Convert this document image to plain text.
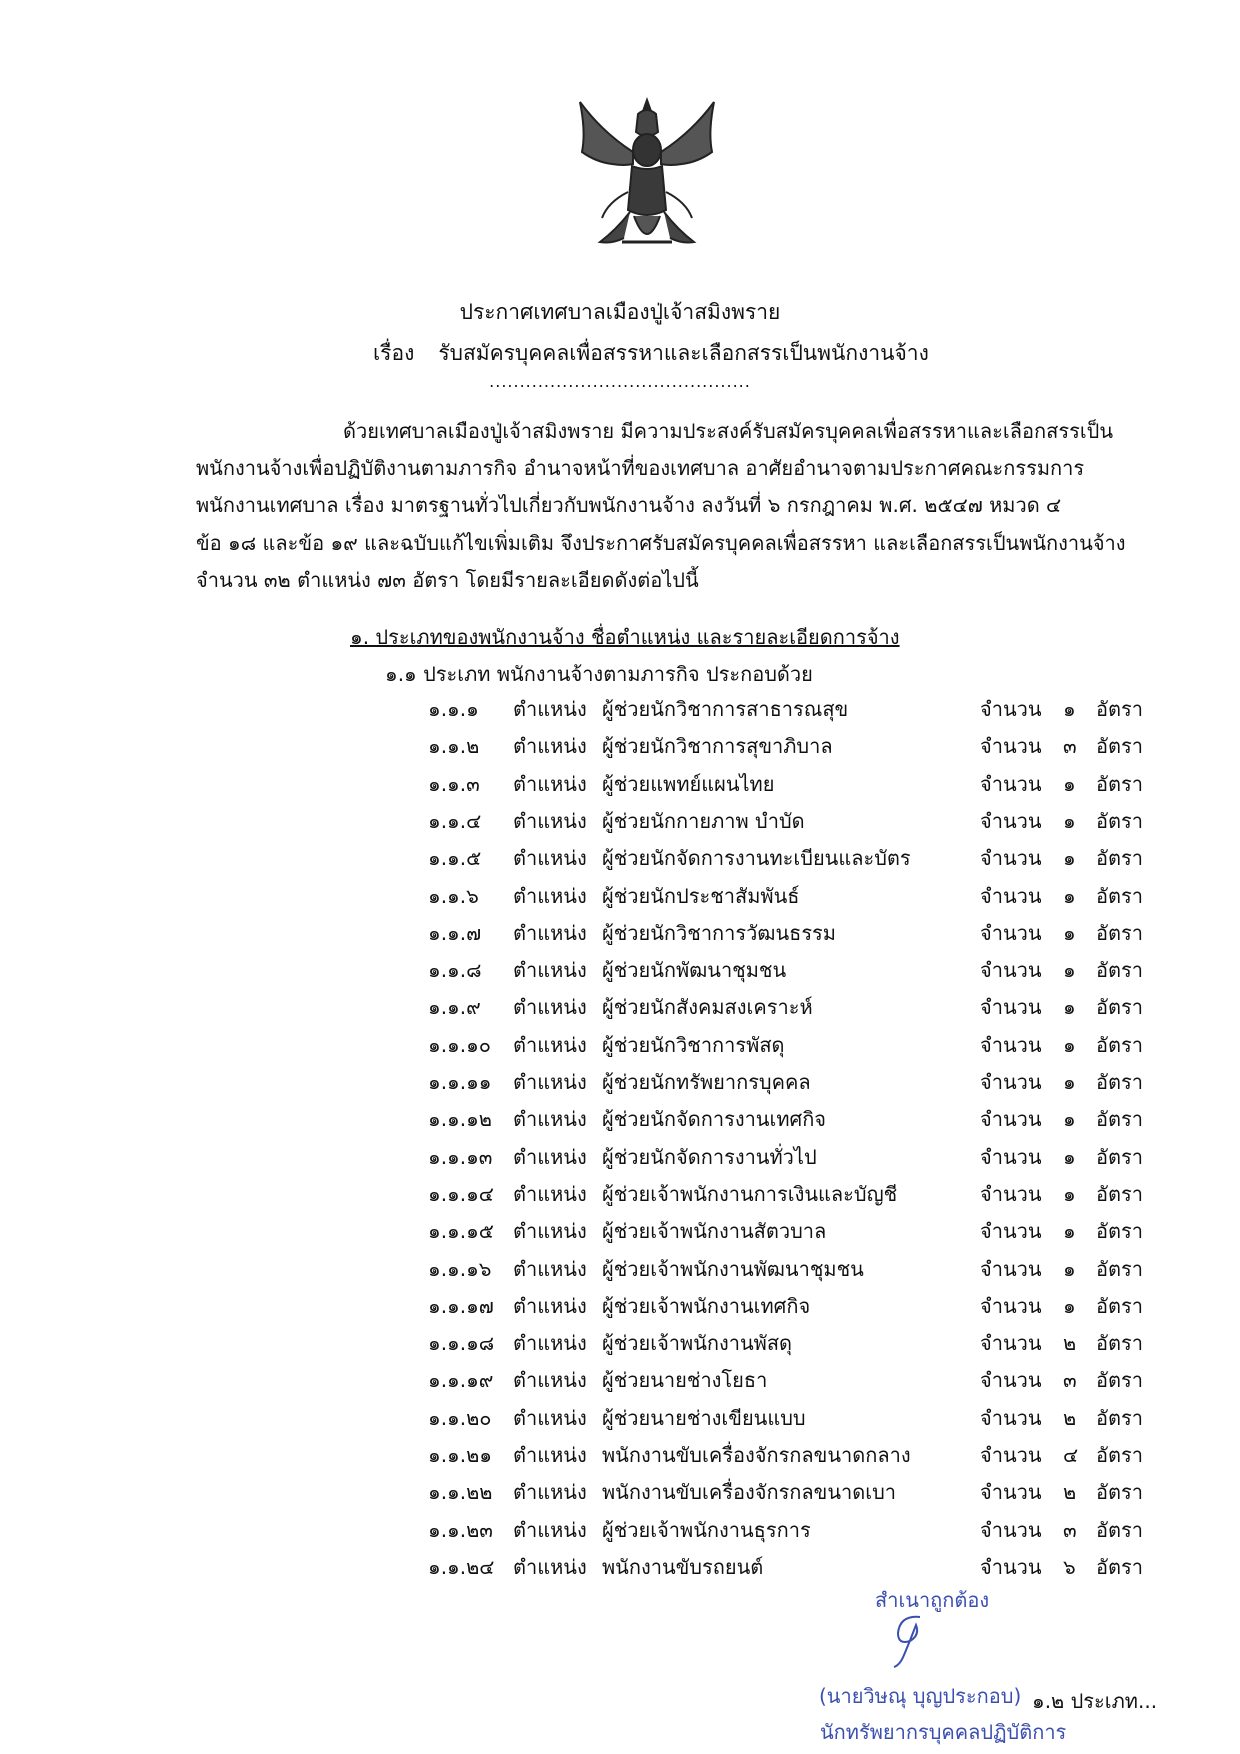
ประกาศเทศบาลเมืองปู่เจ้าสมิงพราย
เรื่อง รับสมัครบุคคลเพื่อสรรหาและเลือกสรรเป็นพนักงานจ้าง
...........................................
ด้วยเทศบาลเมืองปู่เจ้าสมิงพราย มีความประสงค์รับสมัครบุคคลเพื่อสรรหาและเลือกสรรเป็น
พนักงานจ้างเพื่อปฏิบัติงานตามภารกิจ อำนาจหน้าที่ของเทศบาล อาศัยอำนาจตามประกาศคณะกรรมการ
พนักงานเทศบาล เรื่อง มาตรฐานทั่วไปเกี่ยวกับพนักงานจ้าง ลงวันที่ ๖ กรกฎาคม พ.ศ. ๒๕๔๗ หมวด ๔
ข้อ ๑๘ และข้อ ๑๙ และฉบับแก้ไขเพิ่มเติม จึงประกาศรับสมัครบุคคลเพื่อสรรหา และเลือกสรรเป็นพนักงานจ้าง
จำนวน ๓๒ ตำแหน่ง ๗๓ อัตรา โดยมีรายละเอียดดังต่อไปนี้
๑. ประเภทของพนักงานจ้าง ชื่อตำแหน่ง และรายละเอียดการจ้าง
๑.๑ ประเภท พนักงานจ้างตามภารกิจ ประกอบด้วย
๑.๑.๑ ตำแหน่ง ผู้ช่วยนักวิชาการสาธารณสุข	จำนวน ๑ อัตรา
๑.๑.๒ ตำแหน่ง ผู้ช่วยนักวิชาการสุขาภิบาล	จำนวน ๓ อัตรา
๑.๑.๓ ตำแหน่ง ผู้ช่วยแพทย์แผนไทย	จำนวน ๑ อัตรา
๑.๑.๔ ตำแหน่ง ผู้ช่วยนักกายภาพ บำบัด	จำนวน ๑ อัตรา
๑.๑.๕ ตำแหน่ง ผู้ช่วยนักจัดการงานทะเบียนและบัตร	จำนวน ๑ อัตรา
๑.๑.๖ ตำแหน่ง ผู้ช่วยนักประชาสัมพันธ์	จำนวน ๑ อัตรา
๑.๑.๗ ตำแหน่ง ผู้ช่วยนักวิชาการวัฒนธรรม	จำนวน ๑ อัตรา
๑.๑.๘ ตำแหน่ง ผู้ช่วยนักพัฒนาชุมชน	จำนวน ๑ อัตรา
๑.๑.๙ ตำแหน่ง ผู้ช่วยนักสังคมสงเคราะห์	จำนวน ๑ อัตรา
๑.๑.๑๐ ตำแหน่ง ผู้ช่วยนักวิชาการพัสดุ	จำนวน ๑ อัตรา
๑.๑.๑๑ ตำแหน่ง ผู้ช่วยนักทรัพยากรบุคคล	จำนวน ๑ อัตรา
๑.๑.๑๒ ตำแหน่ง ผู้ช่วยนักจัดการงานเทศกิจ	จำนวน ๑ อัตรา
๑.๑.๑๓ ตำแหน่ง ผู้ช่วยนักจัดการงานทั่วไป	จำนวน ๑ อัตรา
๑.๑.๑๔ ตำแหน่ง ผู้ช่วยเจ้าพนักงานการเงินและบัญชี	จำนวน ๑ อัตรา
๑.๑.๑๕ ตำแหน่ง ผู้ช่วยเจ้าพนักงานสัตวบาล	จำนวน ๑ อัตรา
๑.๑.๑๖ ตำแหน่ง ผู้ช่วยเจ้าพนักงานพัฒนาชุมชน	จำนวน ๑ อัตรา
๑.๑.๑๗ ตำแหน่ง ผู้ช่วยเจ้าพนักงานเทศกิจ	จำนวน ๑ อัตรา
๑.๑.๑๘ ตำแหน่ง ผู้ช่วยเจ้าพนักงานพัสดุ	จำนวน ๒ อัตรา
๑.๑.๑๙ ตำแหน่ง ผู้ช่วยนายช่างโยธา	จำนวน ๓ อัตรา
๑.๑.๒๐ ตำแหน่ง ผู้ช่วยนายช่างเขียนแบบ	จำนวน ๒ อัตรา
๑.๑.๒๑ ตำแหน่ง พนักงานขับเครื่องจักรกลขนาดกลาง	จำนวน ๔ อัตรา
๑.๑.๒๒ ตำแหน่ง พนักงานขับเครื่องจักรกลขนาดเบา	จำนวน ๒ อัตรา
๑.๑.๒๓ ตำแหน่ง ผู้ช่วยเจ้าพนักงานธุรการ	จำนวน ๓ อัตรา
๑.๑.๒๔ ตำแหน่ง พนักงานขับรถยนต์	จำนวน ๖ อัตรา
สำเนาถูกต้อง
(นายวิษณุ บุญประกอบ)
นักทรัพยากรบุคคลปฏิบัติการ
๑.๒ ประเภท...
